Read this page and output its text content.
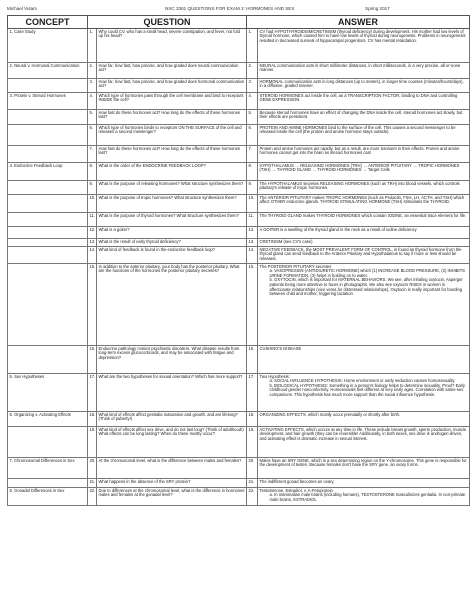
Michael Vulam	NSC 3361 QUESTIONS FOR EXAM 2: HORMONES AND SEX	Spring 2017
CONCEPT	QUESTION		ANSWER	
1. Case Study	1.	Why could CV, who has a small head, severe constipation, and fever, not fold up his head?	1.	CV had HYPOTHYROIDISM/CRETINISM (thyroid deficiency) during development. His mother had low levels of thyroid hormone, which caused him to have low levels of thyroid during neurogenesis. Problems in neurogenesis resulted in decreased survival of hippocampal progenitors. CV has mental retardation.
2. Neural v. Hormonal Communication	2.	How far, how fast, how precise, and how graded does neural communication act?	2.	NEURAL communication acts in short millimeter distances, in short milliseconds, in a very precise, all-or-none manner.
	3.	How far, how fast, how precise, and how graded does hormonal communication act?	3.	HORMONAL communication acts in long distances (up to meters), in longer time courses (minutes/hours/days), in a diffusive, graded manner.
3. Protein v. Steroid Hormones	4.	Which type of hormones pass through the cell membrane and bind to receptors INSIDE the cell?	4.	STEROID HORMONES act inside the cell, as a TRANSCRIPTION FACTOR, binding to DNA and controlling GENE EXPRESSION.
	5.	How fast do these hormones act? How long do the effects of these hormones last?	5.	Because steroid hormones have an effect of changing the DNA inside the cell, steroid hormones act slowly, but their effects are persistent.
	6.	Which type of hormones binds to receptors ON THE SURFACE of the cell and releases a second messenger?	6.	PROTEIN AND AMINE HORMONES bind to the surface of the cell. This causes a second messenger to be released inside the cell (the protein and amine hormone stays outside).
	7.	How fast do these hormones act? How long do the effects of these hormones last?	7.	Protein and amine hormones act rapidly, but as a result, are more transient in their effects. Protein and amine hormones cannot get into the brain as steroid hormones can!
4. Endocrine Feedback Loop	8.	What is the order of the ENDOCRINE FEEDBACK LOOP?	8.	HYPOTHALAMUS → RELEASING HORMONES (TRH) → ANTERIOR PITUITARY → TROPIC HORMONES (TSH) → THYROID GLAND → THYROID HORMONES → Target Cells
	9.	What is the purpose of releasing hormones? What structure synthesizes them?	9.	The HYPOTHALAMUS secretes RELEASING HORMONES (such as TRH) into blood vessels, which controls pituitary's release of tropic hormones.
	10.	What is the purpose of tropic hormones? What structure synthesizes them?	10.	The ANTERIOR PITUITARY makes TROPIC HORMONES (such as Prolactin, FSH, LH, ACTH, and TSH) which affect OTHER endocrine glands. THYROID STIMULATING HORMONE (TSH) stimulates the THYROID.
	11.	What is the purpose of thyroid hormones? What structure synthesizes them?	11.	The THYROID GLAND makes THYROID HORMONES which contain IODINE, an essential trace element for life.
	12.	What is a goiter?	12.	A GOITER is a swelling of the thyroid gland in the neck as a result of iodine deficiency
	13.	What is the result of early thyroid deficiency?	13.	CRETINISM (see CV's case)
	14.	What kind of feedback is found in the endocrine feedback loop?	14.	NEGATIVE FEEDBACK, the MOST PREVALENT FORM OF CONTROL, is found as thyroid hormone from the thyroid gland can send feedback to the Anterior Pituitary and Hypothalamus to say if more or less should be released.
	15.	In addition to the anterior pituitary, your body has the posterior pituitary. What are the functions of the hormones the posterior pituitary secretes?	15.	The POSTERIOR PITUITARY secretes
a. VASOPRESSIN (ANTIDIURETIC HORMONE) which (1) INCREASE BLOOD PRESSURE, (2) INHIBITS URINE FORMATION, (3) helps in holding on to water.
b. OXYTOCIN, which is important for MATERNAL BEHAVIORS. We see, after inhaling oxytocin, Asperger patients being more attentive to faces in photographs. We also see oxytocin RISES in women in affectionate relationships (vice versa for distressed relationships). Oxytocin is really important for bonding between child and mother, triggering lactation

	16.	Endocrine pathology mimics psychiatric disorders. What disease results from long-term excess glucocorticoids, and may be associated with fatigue and depression?	16.	CUSHING'S DISEASE
5. Sex Hypotheses	17.	What are the two hypotheses for sexual orientation? Which has more support?	17.	Two Hypothesis:
a. SOCIAL INFLUENCE HYPOTHESIS: Home environment or early seduction causes homosexuality
b. BIOLOGICAL HYPOTHESIS: Something in a person's biology helps to determine sexuality. Proof? Early childhood gender nonconformity. Homosexuals feel different at very early ages. Correlation with same-sex companions. This hypothesis has much more support than the social influence hypothesis.

6. Organizing v. Activating Effects	18.	What kind of effects affect genitalia maturation and growth, and are lifelong? (Think of puberty!)	18.	ORGANIZING EFFECTS, which mostly occur prenatally or shortly after birth.
	19.	What kind of effects affect sex drive, and do not last long? (Think of adulthood!) What effects can be long lasting? When do these mostly occur?	19.	ACTIVATING EFFECTS, which occurs at any time in life. These include breast growth, sperm production, muscle development, and hair growth (they can be reversible! Additionally, in both sexes, sex drive is androgen-driven, and activating effect is dramatic increase in sexual interest.
7. Chromosomal Differences in Sex	20.	At the chromosomal level, what is the difference between males and females?	20.	Males have an SRY GENE, which is a sex determining region on the Y-chromosome. This gene is responsible for the development of testes. Because females don't have the SRY gene, an ovary forms.
	21.	What happens in the absence of the SRY protein?	21.	The indifferent gonad becomes an ovary.
8. Gonadal Differences in Sex	22.	Due to differences at the chromosomal level, what is the difference in hormones males and females at the gonadal level?	22.	Testosterone, Estradiol, v. A-Fetoprotein
a. In mammalian male brains (including humans), TESTOSTERONE masculinizes genitalia. In non-primate male brains, ESTRADIOL
